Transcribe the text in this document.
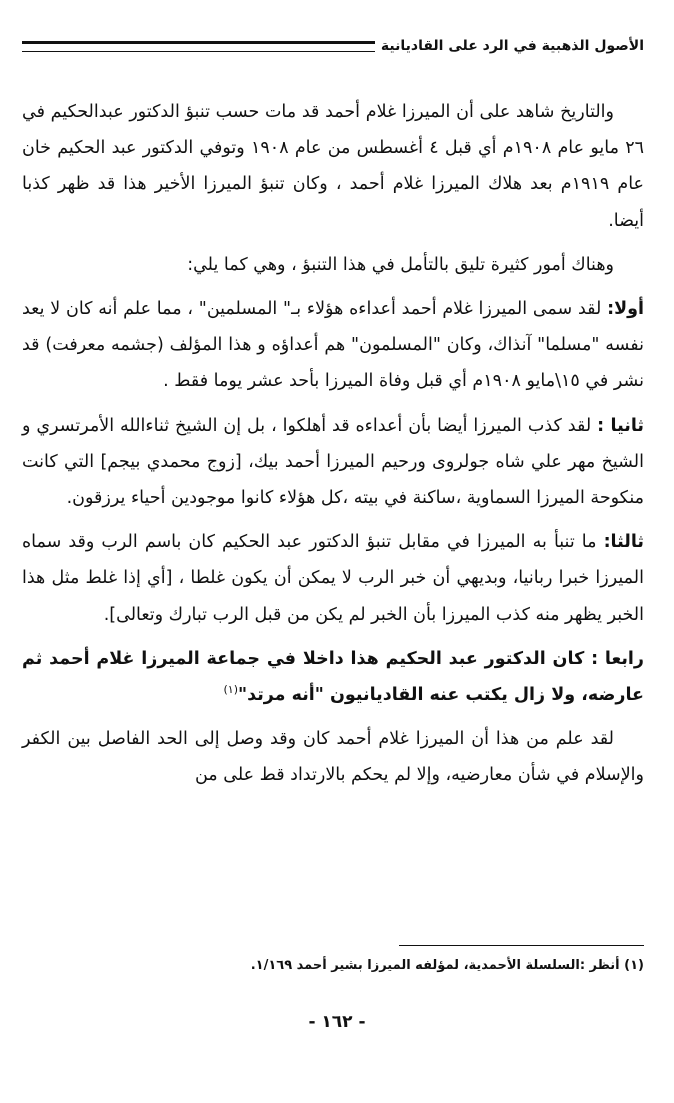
الأصول الذهبية في الرد على القاديانية

والتاريخ شاهد على أن الميرزا غلام أحمد قد مات حسب تنبؤ الدكتور عبدالحكيم في ٢٦ مايو عام ١٩٠٨م أي قبل ٤ أغسطس من عام ١٩٠٨ وتوفي الدكتور عبد الحكيم خان عام ١٩١٩م بعد هلاك الميرزا غلام أحمد ، وكان تنبؤ الميرزا الأخير هذا قد ظهر كذبا أيضا.

وهناك أمور كثيرة تليق بالتأمل في هذا التنبؤ ، وهي كما يلي:

أولا: لقد سمى الميرزا غلام أحمد أعداءه هؤلاء بـ" المسلمين" ، مما علم أنه كان لا يعد نفسه "مسلما" آنذاك، وكان "المسلمون" هم أعداؤه و هذا المؤلف (جشمه معرفت) قد نشر في ١٥\مايو ١٩٠٨م أي قبل وفاة الميرزا بأحد عشر يوما فقط .

ثانيا : لقد كذب الميرزا أيضا بأن أعداءه قد أهلكوا ، بل إن الشيخ ثناءالله الأمرتسري و الشيخ مهر علي شاه جولروى ورحيم الميرزا أحمد بيك، [زوج محمدي بيجم] التي كانت منكوحة الميرزا السماوية ،ساكنة في بيته ،كل هؤلاء كانوا موجودين أحياء يرزقون.

ثالثا: ما تنبأ به الميرزا في مقابل تنبؤ الدكتور عبد الحكيم كان باسم الرب وقد سماه الميرزا خبرا ربانيا، وبديهي أن خبر الرب لا يمكن أن يكون غلطا ، [أي إذا غلط مثل هذا الخبر يظهر منه كذب الميرزا بأن الخبر لم يكن من قبل الرب تبارك وتعالى].

رابعا : كان الدكتور عبد الحكيم هذا داخلا في جماعة الميرزا غلام أحمد ثم عارضه، ولا زال يكتب عنه القاديانيون "أنه مرتد"$^{(١)}$

لقد علم من هذا أن الميرزا غلام أحمد كان وقد وصل إلى الحد الفاصل بين الكفر والإسلام في شأن معارضيه، وإلا لم يحكم بالارتداد قط على من

(١) أنظر :السلسلة الأحمدية، لمؤلفه الميرزا بشير أحمد ١/١٦٩.
- ١٦٢ -
